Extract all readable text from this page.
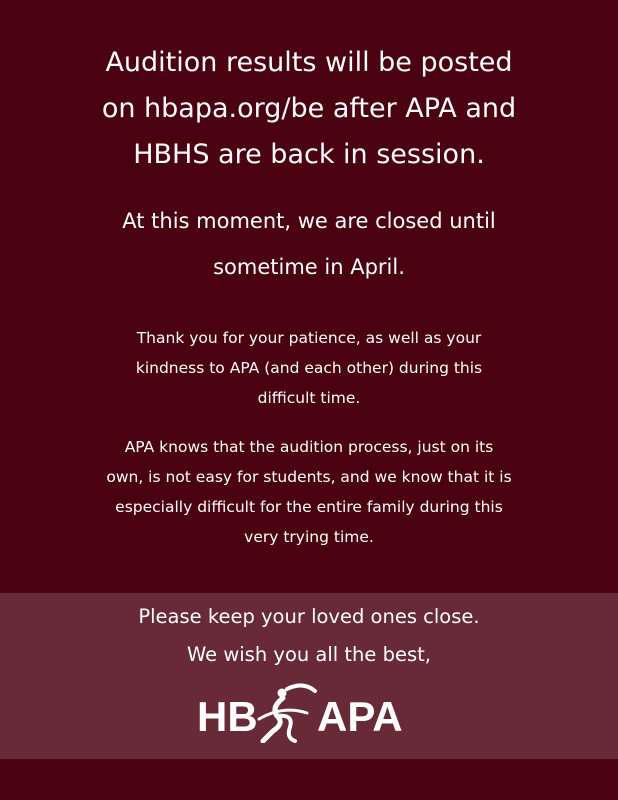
Audition results will be posted
on hbapa.org/be after APA and
HBHS are back in session.
At this moment, we are closed until
sometime in April.

Thank you for your patience, as well as your
kindness to APA (and each other) during this
difficult time.

APA knows that the audition process, just on its
own, is not easy for students, and we know that it is
especially difficult for the entire family during this
very trying time.

Please keep your loved ones close.

We wish you all the best,

HB APA
